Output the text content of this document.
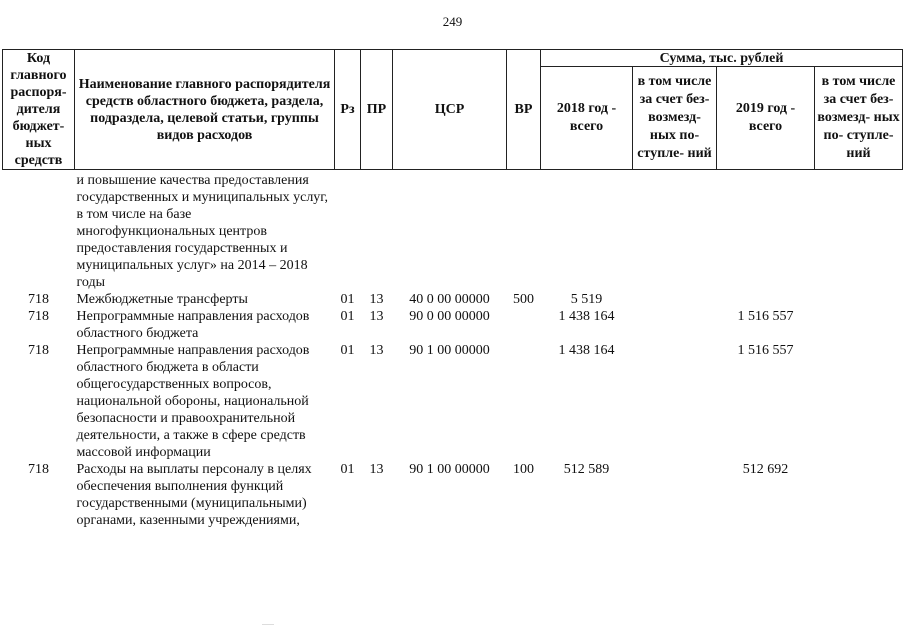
249
Код главного распоря- дителя бюджет- ных средств	Наименование главного распорядителя средств областного бюджета, раздела, подраздела, целевой статьи, группы видов расходов	Рз	ПР	ЦСР	ВР	Сумма, тыс. рублей			
						2018 год - всего	в том числе за счет без- возмезд- ных по- ступле- ний	2019 год - всего	в том числе за счет без- возмезд- ных по- ступле- ний
	и повышение качества предоставления государственных и муниципальных услуг, в том числе на базе многофункциональных центров предоставления государственных и муниципальных услуг» на 2014 – 2018 годы								
718	Межбюджетные трансферты	01	13	40 0 00 00000	500	5 519			
718	Непрограммные направления расходов областного бюджета	01	13	90 0 00 00000		1 438 164		1 516 557	
718	Непрограммные направления расходов областного бюджета в области общегосударственных вопросов, национальной обороны, национальной безопасности и правоохранительной деятельности, а также в сфере средств массовой информации	01	13	90 1 00 00000		1 438 164		1 516 557	
718	Расходы на выплаты персоналу в целях обеспечения выполнения функций государственными (муниципальными) органами, казенными учреждениями,	01	13	90 1 00 00000	100	512 589		512 692	
